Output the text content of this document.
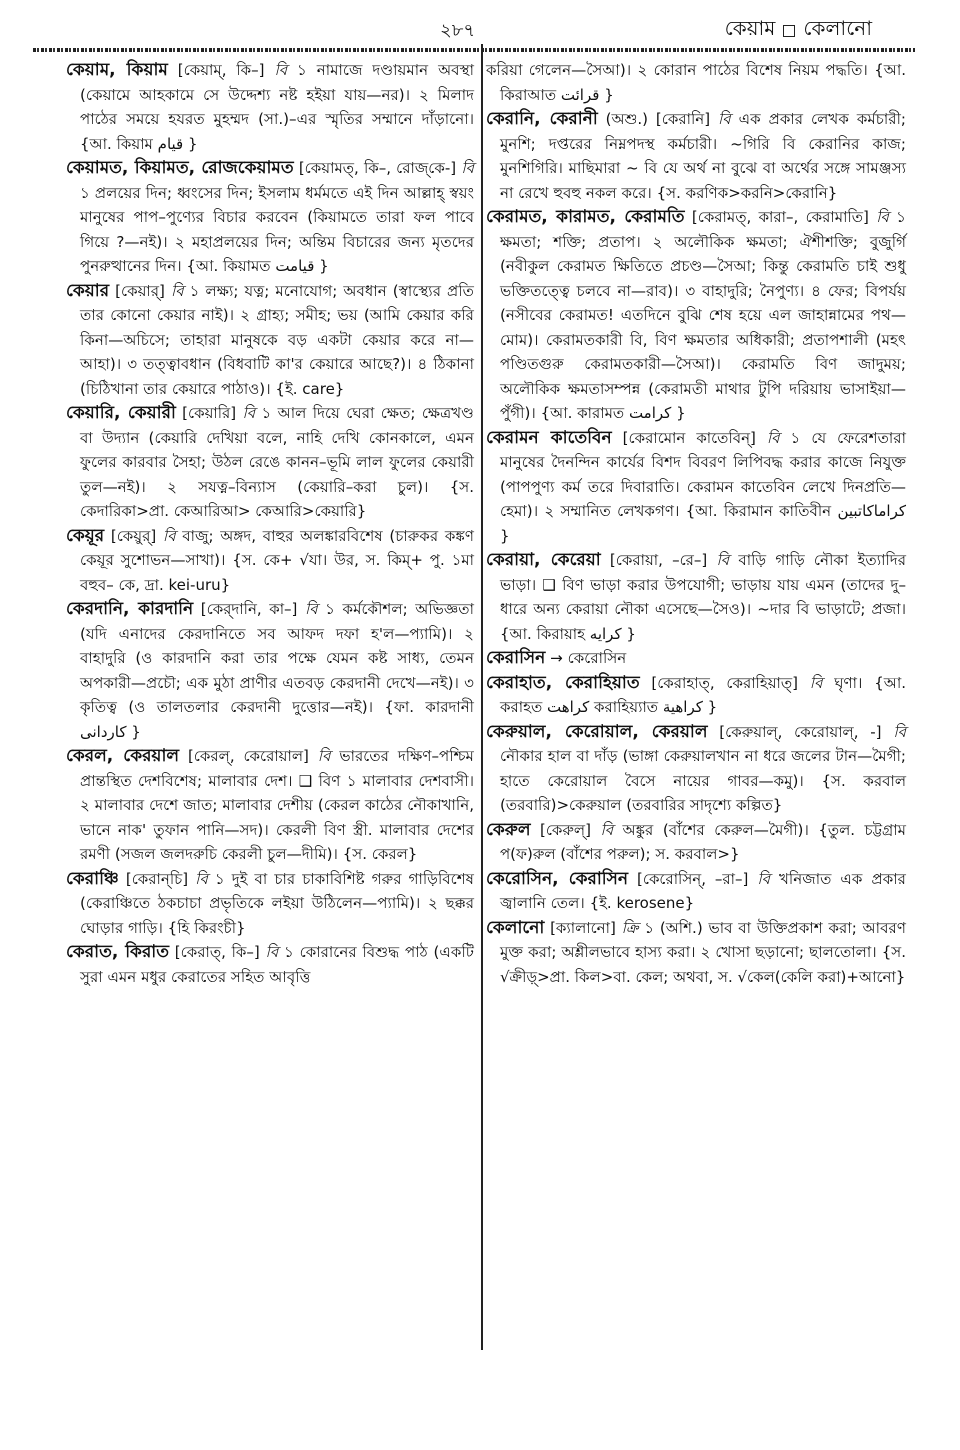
২৮৭	কেয়াম কেলানো

কেয়াম, কিয়াম [কেয়াম্, কি–] বি ১ নামাজে দণ্ডায়মান অবস্থা (কেয়ামে আহকামে সে উদ্দেশ্য নষ্ট হইয়া যায়—নর)। ২ মিলাদ পাঠের সময়ে হযরত মুহম্মদ (সা.)–এর স্মৃতির সম্মানে দাঁড়ানো। {আ. কিয়াম قيام }

কেয়ামত, কিয়ামত, রোজকেয়ামত [কেয়ামত্, কি–, রোজ্‌কে-] বি ১ প্রলয়ের দিন; ধ্বংসের দিন; ইসলাম ধর্মমতে এই দিন আল্লাহ্ স্বয়ং মানুষের পাপ–পুণ্যের বিচার করবেন (কিয়ামতে তারা ফল পাবে গিয়ে ?—নই)। ২ মহাপ্রলয়ের দিন; অন্তিম বিচারের জন্য মৃতদের পুনরুত্থানের দিন। {আ. কিয়ামত قيامت }

কেয়ার [কেয়ার্] বি ১ লক্ষ্য; যত্ন; মনোযোগ; অবধান (স্বাস্থ্যের প্রতি তার কোনো কেয়ার নাই)। ২ গ্রাহ্য; সমীহ; ভয় (আমি কেয়ার করি কিনা—অচিসে; তাহারা মানুষকে বড় একটা কেয়ার করে না—আহা)। ৩ তত্ত্বাবধান (বিধবাটি কা'র কেয়ারে আছে?)। ৪ ঠিকানা (চিঠিখানা তার কেয়ারে পাঠাও)। {ই. care}

কেয়ারি, কেয়ারী [কেয়ারি] বি ১ আল দিয়ে ঘেরা ক্ষেত; ক্ষেত্রখণ্ড বা উদ্যান (কেয়ারি দেখিয়া বলে, নাহি দেখি কোনকালে, এমন ফুলের কারবার সৈহা; উঠল রেঙে কানন–ভূমি লাল ফুলের কেয়ারী তুল—নই)। ২ সযত্ন–বিন্যাস (কেয়ারি–করা চুল)। {স. কেদারিকা>প্রা. কেআরিআ> কেআরি>কেয়ারি}

কেয়ূর [কেয়ুর্] বি বাজু; অঙ্গদ, বাহুর অলঙ্কারবিশেষ (চারুকর কঙ্কণ কেয়ূর সুশোভন—সাখা)। {স. কে+ √যা। উর, স. কিম্+ পু. ১মা বহুব– কে, দ্রা. kei-uru}

কেরদানি, কারদানি [কের্‌দানি, কা–] বি ১ কর্মকৌশল; অভিজ্ঞতা (যদি এনাদের কেরদানিতে সব আফদ দফা হ'ল—প্যামি)। ২ বাহাদুরি (ও কারদানি করা তার পক্ষে যেমন কষ্ট সাধ্য, তেমন অপকারী—প্রচৌ; এক মুঠা প্রাণীর এতবড় কেরদানী দেখে—নই)। ৩ কৃতিত্ব (ও তালতলার কেরদানী দুত্তোর—নই)। {ফা. কারদানী کاردانی }

কেরল, কেরয়াল [কেরল্, কেরোয়াল] বি ভারতের দক্ষিণ–পশ্চিম প্রান্তস্থিত দেশবিশেষ; মালাবার দেশ। ❑ বিণ ১ মালাবার দেশবাসী। ২ মালাবার দেশে জাত; মালাবার দেশীয় (কেরল কাঠের নৌকাখানি, ভানে নাক' তুফান পানি—সদ)। কেরলী বিণ স্ত্রী. মালাবার দেশের রমণী (সজল জলদরুচি কেরলী চুল—দীমি)। {স. কেরল}

কেরাঞ্চি [কেরান্‌চি] বি ১ দুই বা চার চাকাবিশিষ্ট গরুর গাড়িবিশেষ (কেরাঞ্চিতে ঠকচাচা প্রভৃতিকে লইয়া উঠিলেন—প্যামি)। ২ ছক্কর ঘোড়ার গাড়ি। {হি কিরংচী}

কেরাত, কিরাত [কেরাত্, কি–] বি ১ কোরানের বিশুদ্ধ পাঠ (একটি সুরা এমন মধুর কেরাতের সহিত আবৃত্তি

করিয়া গেলেন—সৈআ)। ২ কোরান পাঠের বিশেষ নিয়ম পদ্ধতি। {আ. কিরাআত قرائت }

কেরানি, কেরানী (অশু.) [কেরানি] বি এক প্রকার লেখক কর্মচারী; মুনশি; দপ্তরের নিম্নপদস্থ কর্মচারী। ~গিরি বি কেরানির কাজ; মুনশিগিরি। মাছিমারা ~ বি যে অর্থ না বুঝে বা অর্থের সঙ্গে সামঞ্জস্য না রেখে হুবহু নকল করে। {স. করণিক>করনি>কেরানি}

কেরামত, কারামত, কেরামতি [কেরামত্, কারা–, কেরামাতি] বি ১ ক্ষমতা; শক্তি; প্রতাপ। ২ অলৌকিক ক্ষমতা; ঐশীশক্তি; বুজুর্গি (নবীকুল কেরামত ক্ষিতিতে প্রচণ্ড—সৈআ; কিন্তু কেরামতি চাই শুধু ভক্তিতত্ত্বে চলবে না—রাব)। ৩ বাহাদুরি; নৈপুণ্য। ৪ ফের; বিপর্যয় (নসীবের কেরামত! এতদিনে বুঝি শেষ হয়ে এল জাহান্নামের পথ—মোম)। কেরামতকারী বি, বিণ ক্ষমতার অধিকারী; প্রতাপশালী (মহৎ পণ্ডিতগুরু কেরামতকারী—সৈআ)। কেরামতি বিণ জাদুময়; অলৌকিক ক্ষমতাসম্পন্ন (কেরামতী মাথার টুপি দরিয়ায় ভাসাইয়া—পুঁগী)। {আ. কারামত كرامت }

কেরামন কাতেবিন [কেরামোন কাতেবিন্] বি ১ যে ফেরেশতারা মানুষের দৈনন্দিন কার্যের বিশদ বিবরণ লিপিবদ্ধ করার কাজে নিযুক্ত (পাপপুণ্য কর্ম তরে দিবারাতি। কেরামন কাতেবিন লেখে দিনপ্রতি—হেমা)। ২ সম্মানিত লেখকগণ। {আ. কিরামান কাতিবীন كراماكاتبين }

কেরায়া, কেরেয়া [কেরায়া, –রে–] বি বাড়ি গাড়ি নৌকা ইত্যাদির ভাড়া। ❑ বিণ ভাড়া করার উপযোগী; ভাড়ায় যায় এমন (তাদের দু–ধারে অন্য কেরায়া নৌকা এসেছে—সৈও)। ~দার বি ভাড়াটে; প্রজা। {আ. কিরায়াহ كرايه }

কেরাসিন → কেরোসিন

কেরাহাত, কেরাহিয়াত [কেরাহাত্, কেরাহিয়াত্] বি ঘৃণা। {আ. করাহত كراهت করাহিয়্যাত كراهية }

কেরুয়াল, কেরোয়াল, কেরয়াল [কেরুয়াল্, কেরোয়াল্, -] বি নৌকার হাল বা দাঁড় (ভাঙ্গা কেরুয়ালখান না ধরে জলের টান—মৈগী; হাতে কেরোয়াল বৈসে নায়ের গাবর—কমু)। {স. করবাল (তরবারি)>কেরুয়াল (তরবারির সাদৃশ্যে কল্পিত}

কেরুল [কেরুল্] বি অঙ্কুর (বাঁশের কেরুল—মৈগী)। {তুল. চট্টগ্রাম প(ফ)রুল (বাঁশের পরুল); স. করবাল>}

কেরোসিন, কেরাসিন [কেরোসিন্, –রা–] বি খনিজাত এক প্রকার জ্বালানি তেল। {ই. kerosene}

কেলানো [ক্যালানো] ক্রি ১ (অশি.) ভাব বা উক্তিপ্রকাশ করা; আবরণ মুক্ত করা; অশ্লীলভাবে হাস্য করা। ২ খোসা ছড়ানো; ছালতোলা। {স. √ক্রীড়্>প্রা. কিল>বা. কেল; অথবা, স. √কেল(কেলি করা)+আনো}
